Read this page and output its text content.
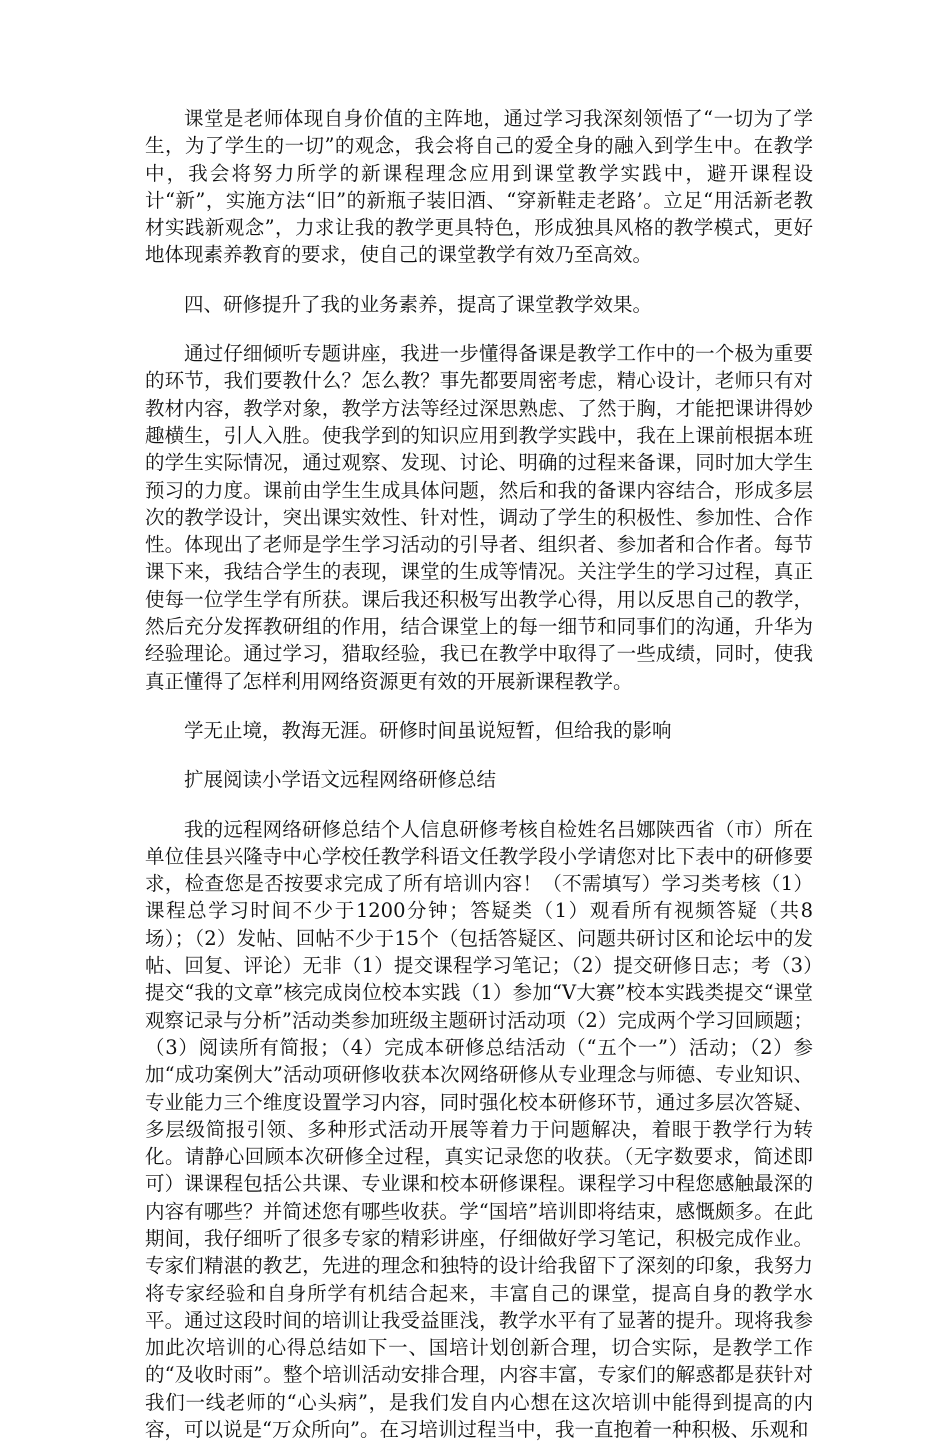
课堂是老师体现自身价值的主阵地，通过学习我深刻领悟了“一切为了学生，为了学生的一切”的观念，我会将自己的爱全身的融入到学生中。在教学中，我会将努力所学的新课程理念应用到课堂教学实践中，避开课程设计“新”，实施方法“旧”的新瓶子装旧酒、“穿新鞋走老路’。立足“用活新老教材实践新观念”，力求让我的教学更具特色，形成独具风格的教学模式，更好地体现素养教育的要求，使自己的课堂教学有效乃至高效。

四、研修提升了我的业务素养，提高了课堂教学效果。

通过仔细倾听专题讲座，我进一步懂得备课是教学工作中的一个极为重要的环节，我们要教什么？怎么教？事先都要周密考虑，精心设计，老师只有对教材内容，教学对象，教学方法等经过深思熟虑、了然于胸，才能把课讲得妙趣横生，引人入胜。使我学到的知识应用到教学实践中，我在上课前根据本班的学生实际情况，通过观察、发现、讨论、明确的过程来备课，同时加大学生预习的力度。课前由学生生成具体问题，然后和我的备课内容结合，形成多层次的教学设计，突出课实效性、针对性，调动了学生的积极性、参加性、合作性。体现出了老师是学生学习活动的引导者、组织者、参加者和合作者。每节课下来，我结合学生的表现，课堂的生成等情况。关注学生的学习过程，真正使每一位学生学有所获。课后我还积极写出教学心得，用以反思自己的教学，然后充分发挥教研组的作用，结合课堂上的每一细节和同事们的沟通，升华为经验理论。通过学习，猎取经验，我已在教学中取得了一些成绩，同时，使我真正懂得了怎样利用网络资源更有效的开展新课程教学。

学无止境，教海无涯。研修时间虽说短暂，但给我的影响

扩展阅读小学语文远程网络研修总结

我的远程网络研修总结个人信息研修考核自检姓名吕娜陕西省（市）所在单位佳县兴隆寺中心学校任教学科语文任教学段小学请您对比下表中的研修要求，检查您是否按要求完成了所有培训内容！（不需填写）学习类考核（1）课程总学习时间不少于1200分钟；答疑类（1）观看所有视频答疑（共8场）；（2）发帖、回帖不少于15个（包括答疑区、问题共研讨区和论坛中的发帖、回复、评论）无非（1）提交课程学习笔记；（2）提交研修日志；考（3）提交“我的文章”核完成岗位校本实践（1）参加“V大赛”校本实践类提交“课堂观察记录与分析”活动类参加班级主题研讨活动项（2）完成两个学习回顾题；（3）阅读所有简报；（4）完成本研修总结活动（“五个一”）活动；（2）参加“成功案例大”活动项研修收获本次网络研修从专业理念与师德、专业知识、专业能力三个维度设置学习内容，同时强化校本研修环节，通过多层次答疑、多层级简报引领、多种形式活动开展等着力于问题解决，着眼于教学行为转化。请静心回顾本次研修全过程，真实记录您的收获。（无字数要求，简述即可）课课程包括公共课、专业课和校本研修课程。课程学习中程您感触最深的内容有哪些？并简述您有哪些收获。学“国培”培训即将结束，感慨颇多。在此期间，我仔细听了很多专家的精彩讲座，仔细做好学习笔记，积极完成作业。专家们精湛的教艺，先进的理念和独特的设计给我留下了深刻的印象，我努力将专家经验和自身所学有机结合起来，丰富自己的课堂，提高自身的教学水平。通过这段时间的培训让我受益匪浅，教学水平有了显著的提升。现将我参加此次培训的心得总结如下一、国培计划创新合理，切合实际，是教学工作的“及收时雨”。整个培训活动安排合理，内容丰富，专家们的解惑都是获针对我们一线老师的“心头病”，是我们发自内心想在这次培训中能得到提高的内容，可以说是“万众所向”。在习培训过程当中，我一直抱着一种积极、乐观和
